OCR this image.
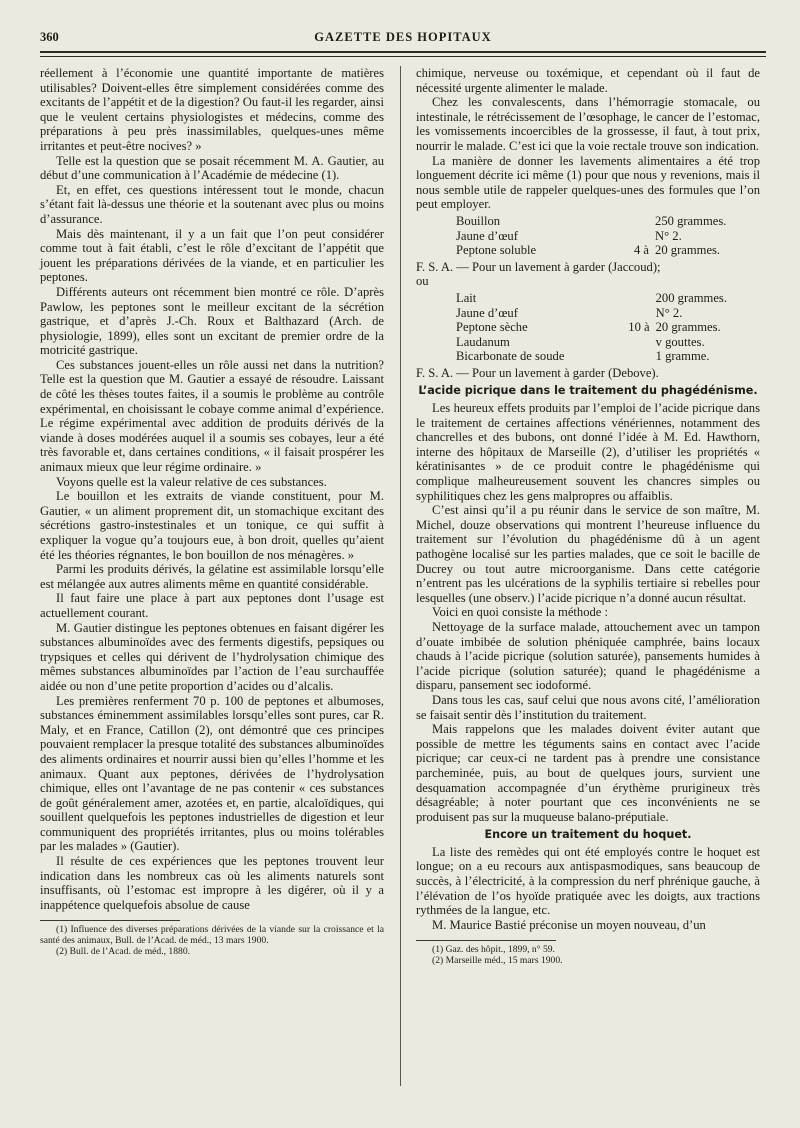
360	GAZETTE DES HOPITAUX

réellement à l’économie une quantité importante de matières utilisables? Doivent-elles être simplement considérées comme des excitants de l’appétit et de la digestion? Ou faut-il les regarder, ainsi que le veulent certains physiologistes et médecins, comme des préparations à peu près inassimilables, quelques-unes même irritantes et peut-être nocives? »

Telle est la question que se posait récemment M. A. Gautier, au début d’une communication à l’Académie de médecine (1).

Et, en effet, ces questions intéressent tout le monde, chacun s’étant fait là-dessus une théorie et la soutenant avec plus ou moins d’assurance.

Mais dès maintenant, il y a un fait que l’on peut considérer comme tout à fait établi, c’est le rôle d’excitant de l’appétit que jouent les préparations dérivées de la viande, et en particulier les peptones.

Différents auteurs ont récemment bien montré ce rôle. D’après Pawlow, les peptones sont le meilleur excitant de la sécrétion gastrique, et d’après J.-Ch. Roux et Balthazard (Arch. de physiologie, 1899), elles sont un excitant de premier ordre de la motricité gastrique.

Ces substances jouent-elles un rôle aussi net dans la nutrition? Telle est la question que M. Gautier a essayé de résoudre. Laissant de côté les thèses toutes faites, il a soumis le problème au contrôle expérimental, en choisissant le cobaye comme animal d’expérience. Le régime expérimental avec addition de produits dérivés de la viande à doses modérées auquel il a soumis ses cobayes, leur a été très favorable et, dans certaines conditions, « il faisait prospérer les animaux mieux que leur régime ordinaire. »

Voyons quelle est la valeur relative de ces substances.

Le bouillon et les extraits de viande constituent, pour M. Gautier, « un aliment proprement dit, un stomachique excitant des sécrétions gastro-instestinales et un tonique, ce qui suffit à expliquer la vogue qu’a toujours eue, à bon droit, quelles qu’aient été les théories régnantes, le bon bouillon de nos ménagères. »

Parmi les produits dérivés, la gélatine est assimilable lorsqu’elle est mélangée aux autres aliments même en quantité considérable.

Il faut faire une place à part aux peptones dont l’usage est actuellement courant.

M. Gautier distingue les peptones obtenues en faisant digérer les substances albuminoïdes avec des ferments digestifs, pepsiques ou trypsiques et celles qui dérivent de l’hydrolysation chimique des mêmes substances albuminoïdes par l’action de l’eau surchauffée aidée ou non d’une petite proportion d’acides ou d’alcalis.

Les premières renferment 70 p. 100 de peptones et albumoses, substances éminemment assimilables lorsqu’elles sont pures, car R. Maly, et en France, Catillon (2), ont démontré que ces principes pouvaient remplacer la presque totalité des substances albuminoïdes des aliments ordinaires et nourrir aussi bien qu’elles l’homme et les animaux. Quant aux peptones, dérivées de l’hydrolysation chimique, elles ont l’avantage de ne pas contenir « ces substances de goût généralement amer, azotées et, en partie, alcaloïdiques, qui souillent quelquefois les peptones industrielles de digestion et leur communiquent des propriétés irritantes, plus ou moins tolérables par les malades » (Gautier).

Il résulte de ces expériences que les peptones trouvent leur indication dans les nombreux cas où les aliments naturels sont insuffisants, où l’estomac est impropre à les digérer, où il y a inappétence quelquefois absolue de cause

(1) Influence des diverses préparations dérivées de la viande sur la croissance et la santé des animaux, Bull. de l’Acad. de méd., 13 mars 1900.

(2) Bull. de l’Acad. de méd., 1880.

chimique, nerveuse ou toxémique, et cependant où il faut de nécessité urgente alimenter le malade.

Chez les convalescents, dans l’hémorragie stomacale, ou intestinale, le rétrécissement de l’œsophage, le cancer de l’estomac, les vomissements incoercibles de la grossesse, il faut, à tout prix, nourrir le malade. C’est ici que la voie rectale trouve son indication.

La manière de donner les lavements alimentaires a été trop longuement décrite ici même (1) pour que nous y revenions, mais il nous semble utile de rappeler quelques-unes des formules que l’on peut employer.

Bouillon		250 grammes.
Jaune d’œuf		N° 2.
Peptone soluble	4 à	20 grammes.

F. S. A. — Pour un lavement à garder (Jaccoud);

ou

Lait		200 grammes.
Jaune d’œuf		N° 2.
Peptone sèche	10 à	20 grammes.
Laudanum		v gouttes.
Bicarbonate de soude		1 gramme.

F. S. A. — Pour un lavement à garder (Debove).

L’acide picrique dans le traitement du phagédénisme.

Les heureux effets produits par l’emploi de l’acide picrique dans le traitement de certaines affections vénériennes, notamment des chancrelles et des bubons, ont donné l’idée à M. Ed. Hawthorn, interne des hôpitaux de Marseille (2), d’utiliser les propriétés « kératinisantes » de ce produit contre le phagédénisme qui complique malheureusement souvent les chancres simples ou syphilitiques chez les gens malpropres ou affaiblis.

C’est ainsi qu’il a pu réunir dans le service de son maître, M. Michel, douze observations qui montrent l’heureuse influence du traitement sur l’évolution du phagédénisme dû à un agent pathogène localisé sur les parties malades, que ce soit le bacille de Ducrey ou tout autre microorganisme. Dans cette catégorie n’entrent pas les ulcérations de la syphilis tertiaire si rebelles pour lesquelles (une observ.) l’acide picrique n’a donné aucun résultat.

Voici en quoi consiste la méthode :

Nettoyage de la surface malade, attouchement avec un tampon d’ouate imbibée de solution phéniquée camphrée, bains locaux chauds à l’acide picrique (solution saturée), pansements humides à l’acide picrique (solution saturée); quand le phagédénisme a disparu, pansement sec iodoformé.

Dans tous les cas, sauf celui que nous avons cité, l’amélioration se faisait sentir dès l’institution du traitement.

Mais rappelons que les malades doivent éviter autant que possible de mettre les téguments sains en contact avec l’acide picrique; car ceux-ci ne tardent pas à prendre une consistance parcheminée, puis, au bout de quelques jours, survient une desquamation accompagnée d’un érythème prurigineux très désagréable; à noter pourtant que ces inconvénients ne se produisent pas sur la muqueuse balano-préputiale.

Encore un traitement du hoquet.

La liste des remèdes qui ont été employés contre le hoquet est longue; on a eu recours aux antispasmodiques, sans beaucoup de succès, à l’électricité, à la compression du nerf phrénique gauche, à l’élévation de l’os hyoïde pratiquée avec les doigts, aux tractions rythmées de la langue, etc.

M. Maurice Bastié préconise un moyen nouveau, d’un

(1) Gaz. des hôpit., 1899, n° 59.

(2) Marseille méd., 15 mars 1900.
